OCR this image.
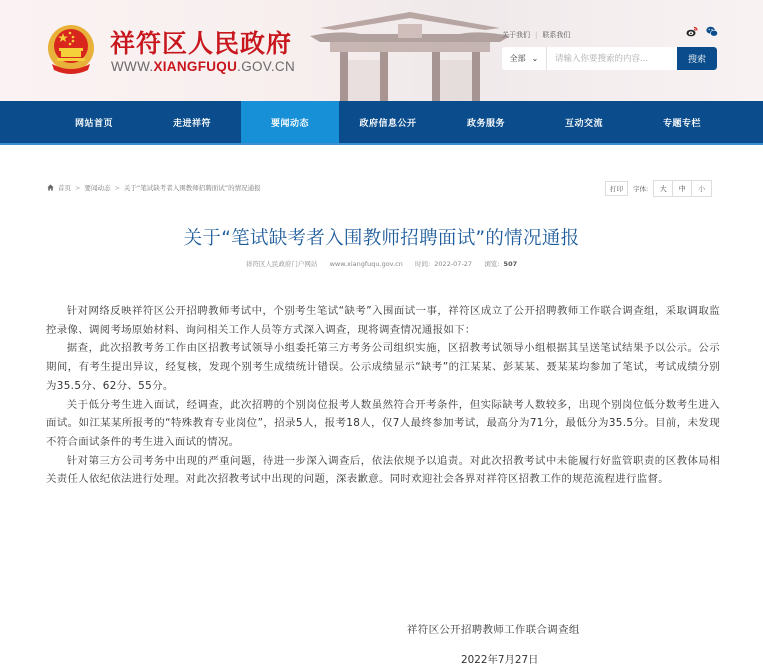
祥符区人民政府
WWW.XIANGFUQU.GOV.CN
关于我们 | 联系我们
全部 ⌄
请输入你要搜索的内容...	搜索
网站首页	走进祥符	要闻动态	政府信息公开	政务服务	互动交流	专题专栏
首页 > 要闻动态 > 关于“笔试缺考者入围教师招聘面试”的情况通报	打印	字体:	大	中	小
关于“笔试缺考者入围教师招聘面试”的情况通报
祥符区人民政府门户网站 www.xiangfuqu.gov.cn 时间: 2022-07-27 浏览: 507

针对网络反映祥符区公开招聘教师考试中，个别考生笔试“缺考”入围面试一事，祥符区成立了公开招聘教师工作联合调查组，采取调取监控录像、调阅考场原始材料、询问相关工作人员等方式深入调查，现将调查情况通报如下：

据查，此次招教考务工作由区招教考试领导小组委托第三方考务公司组织实施，区招教考试领导小组根据其呈送笔试结果予以公示。公示期间，有考生提出异议，经复核，发现个别考生成绩统计错误。公示成绩显示“缺考”的江某某、彭某某、聂某某均参加了笔试，考试成绩分别为35.5分、62分、55分。

关于低分考生进入面试，经调查，此次招聘的个别岗位报考人数虽然符合开考条件，但实际缺考人数较多，出现个别岗位低分数考生进入面试。如江某某所报考的“特殊教育专业岗位”，招录5人，报考18人，仅7人最终参加考试，最高分为71分，最低分为35.5分。目前，未发现不符合面试条件的考生进入面试的情况。

针对第三方公司考务中出现的严重问题，待进一步深入调查后，依法依规予以追责。对此次招教考试中未能履行好监管职责的区教体局相关责任人依纪依法进行处理。对此次招教考试中出现的问题，深表歉意。同时欢迎社会各界对祥符区招教工作的规范流程进行监督。

祥符区公开招聘教师工作联合调查组
2022年7月27日
